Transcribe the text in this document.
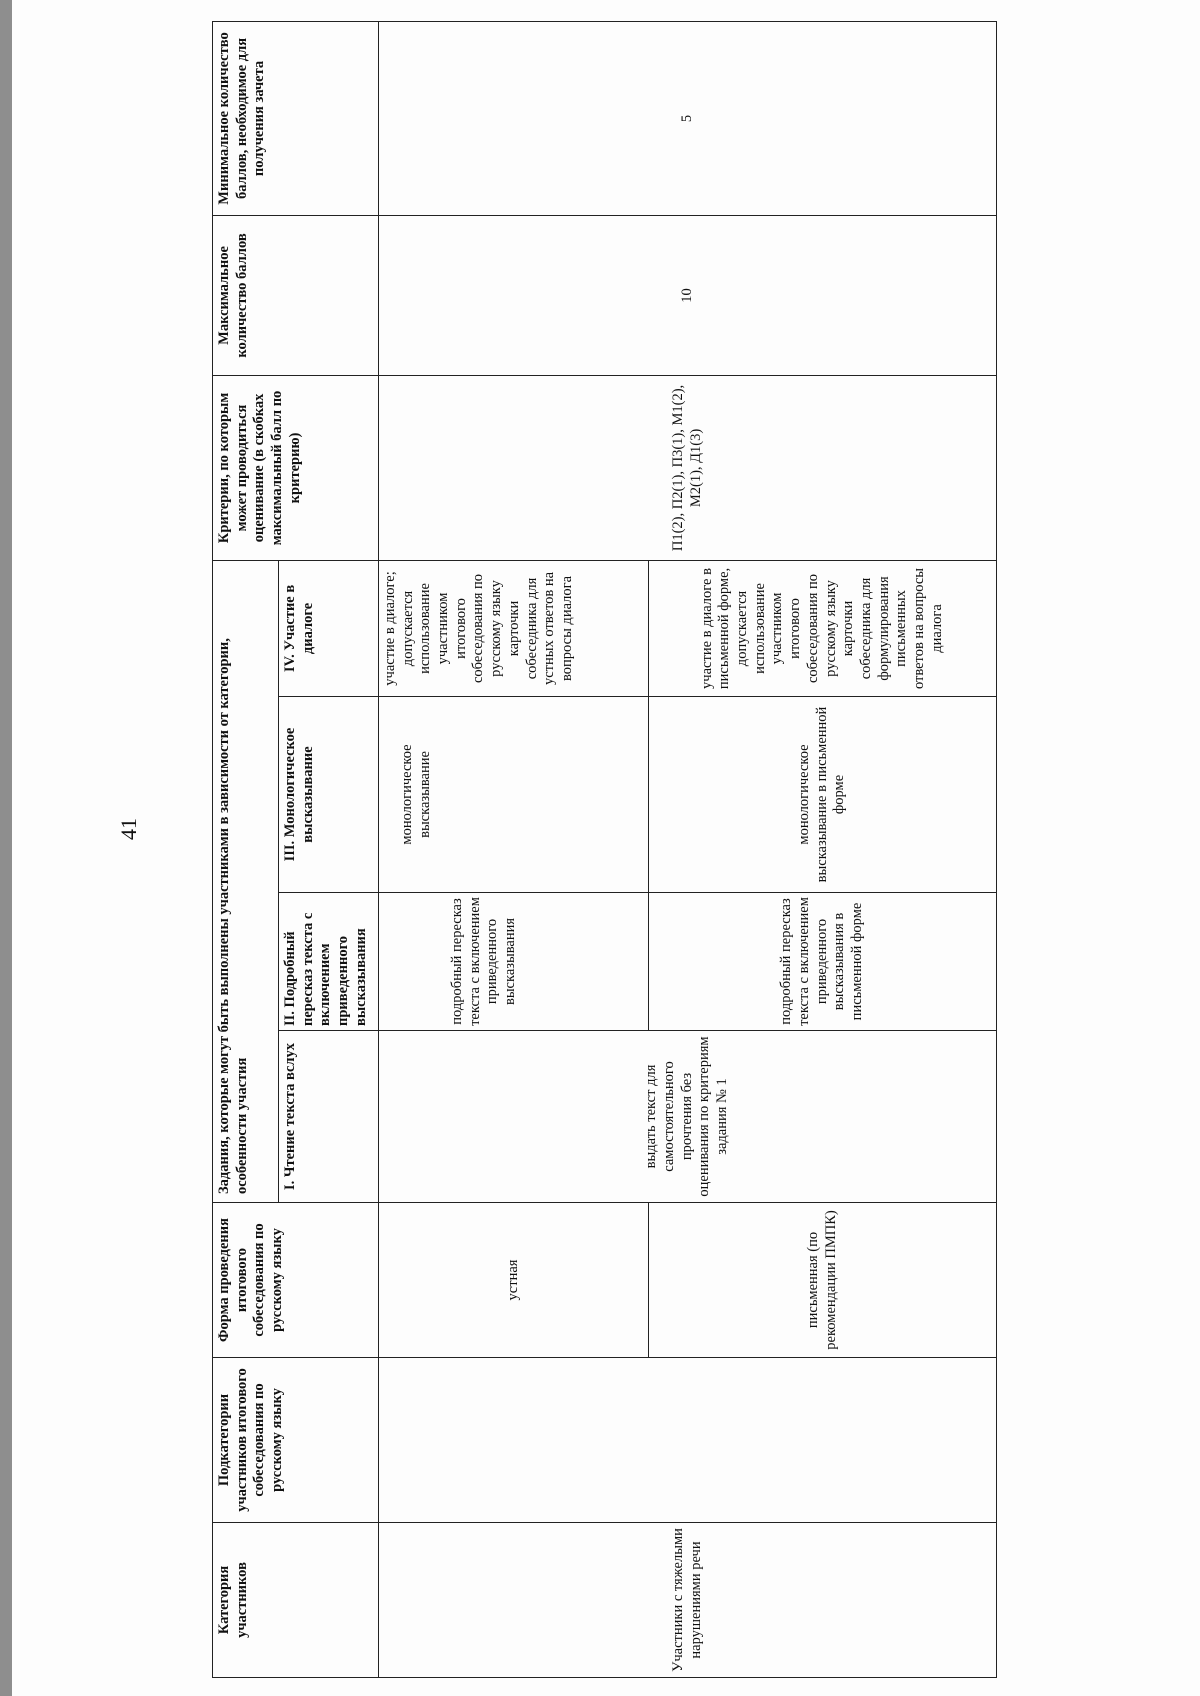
41
Категория участников	Подкатегории участников итогового собеседования по русскому языку	Форма проведения итогового собеседования по русскому языку	Задания, которые могут быть выполнены участниками в зависимости от категории, особенности участия				Критерии, по которым может проводиться оценивание (в скобках максимальный балл по критерию)	Максимальное количество баллов	Минимальное количество баллов, необходимое для получения зачета
			I. Чтение текста вслух	II. Подробный пересказ текста с включением приведенного высказывания	III. Монологическое высказывание	IV. Участие в диалоге			
Участники с тяжелыми нарушениями речи		устная	выдать текст для самостоятельного прочтения без оценивания по критериям задания № 1	подробный пересказ текста с включением приведенного высказывания	монологическое высказывание	участие в диалоге; допускается использование участником итогового собеседования по русскому языку карточки собеседника для устных ответов на вопросы диалога	П1(2), П2(1), П3(1), М1(2), М2(1), Д1(3)	10	5
		письменная (по рекомендации ПМПК)		подробный пересказ текста с включением приведенного высказывания в письменной форме	монологическое высказывание в письменной форме	участие в диалоге в письменной форме, допускается использование участником итогового собеседования по русскому языку карточки собеседника для формулирования письменных ответов на вопросы диалога			
